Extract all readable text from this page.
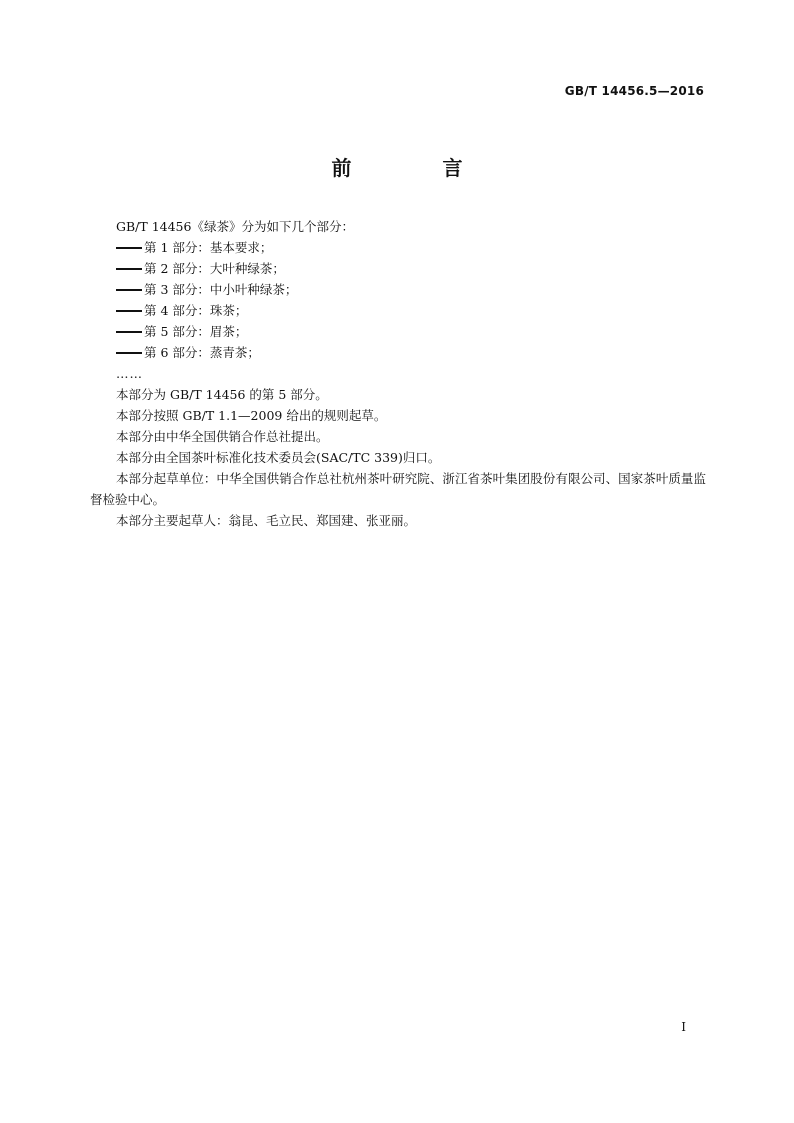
GB/T 14456.5—2016
前 言

GB/T 14456《绿茶》分为如下几个部分：

第 1 部分：基本要求；

第 2 部分：大叶种绿茶；

第 3 部分：中小叶种绿茶；

第 4 部分：珠茶；

第 5 部分：眉茶；

第 6 部分：蒸青茶；

……

本部分为 GB/T 14456 的第 5 部分。

本部分按照 GB/T 1.1—2009 给出的规则起草。

本部分由中华全国供销合作总社提出。

本部分由全国茶叶标准化技术委员会(SAC/TC 339)归口。

本部分起草单位：中华全国供销合作总社杭州茶叶研究院、浙江省茶叶集团股份有限公司、国家茶叶质量监督检验中心。

本部分主要起草人：翁昆、毛立民、郑国建、张亚丽。

I
